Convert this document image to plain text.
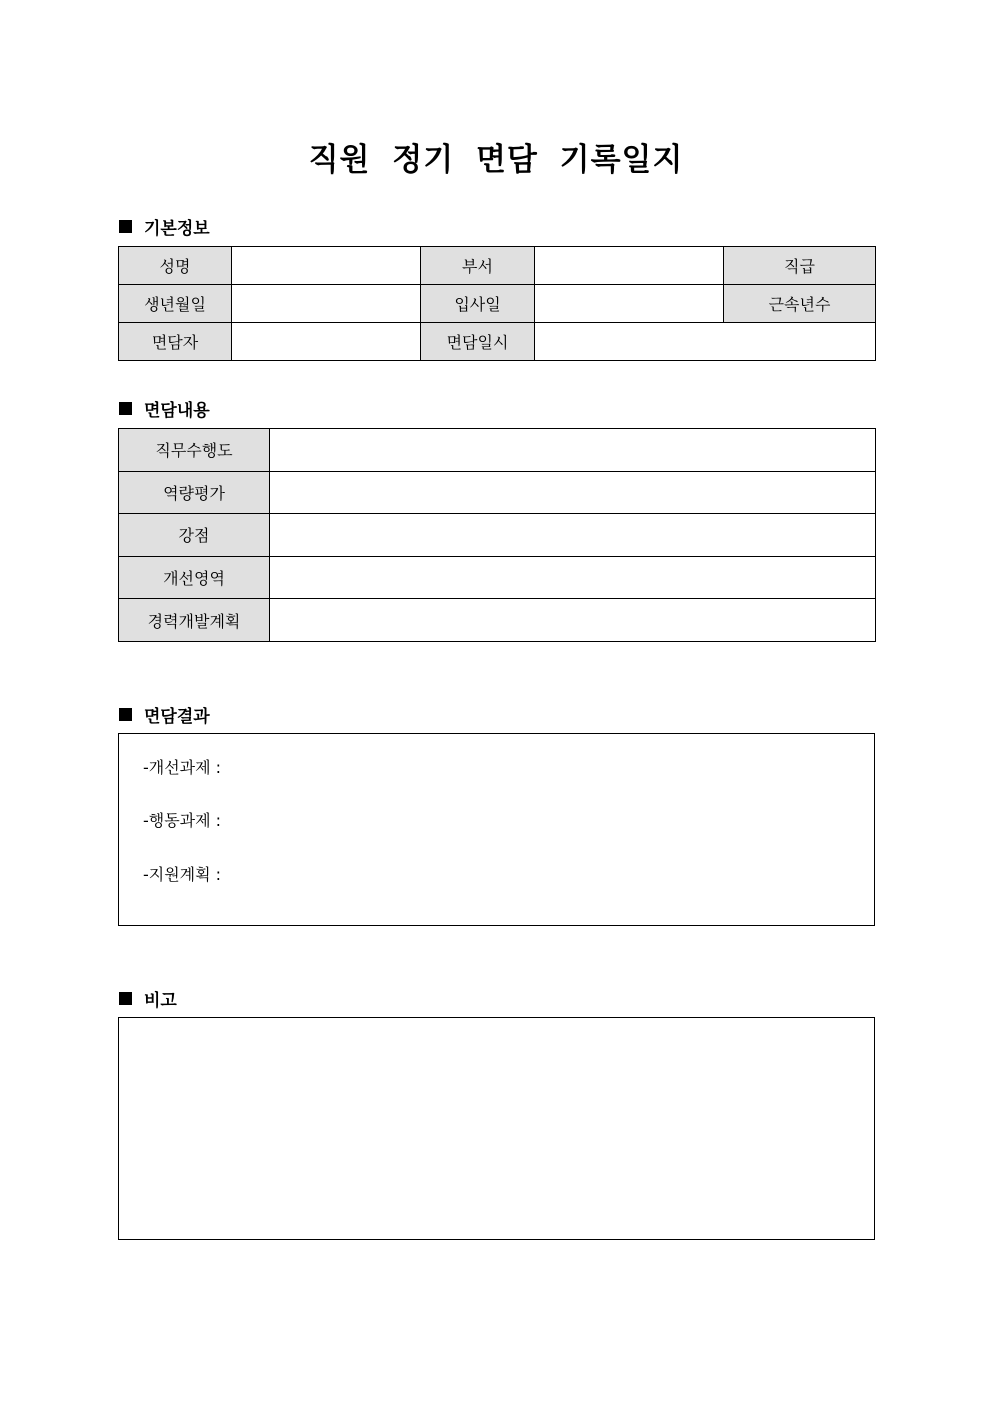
직원 정기 면담 기록일지
기본정보
성명		부서		직급
생년월일		입사일		근속년수
면담자		면담일시		
면담내용
직무수행도	
역량평가	
강점	
개선영역	
경력개발계획	
면담결과
-개선과제 :
-행동과제 :
-지원계획 :
비고
